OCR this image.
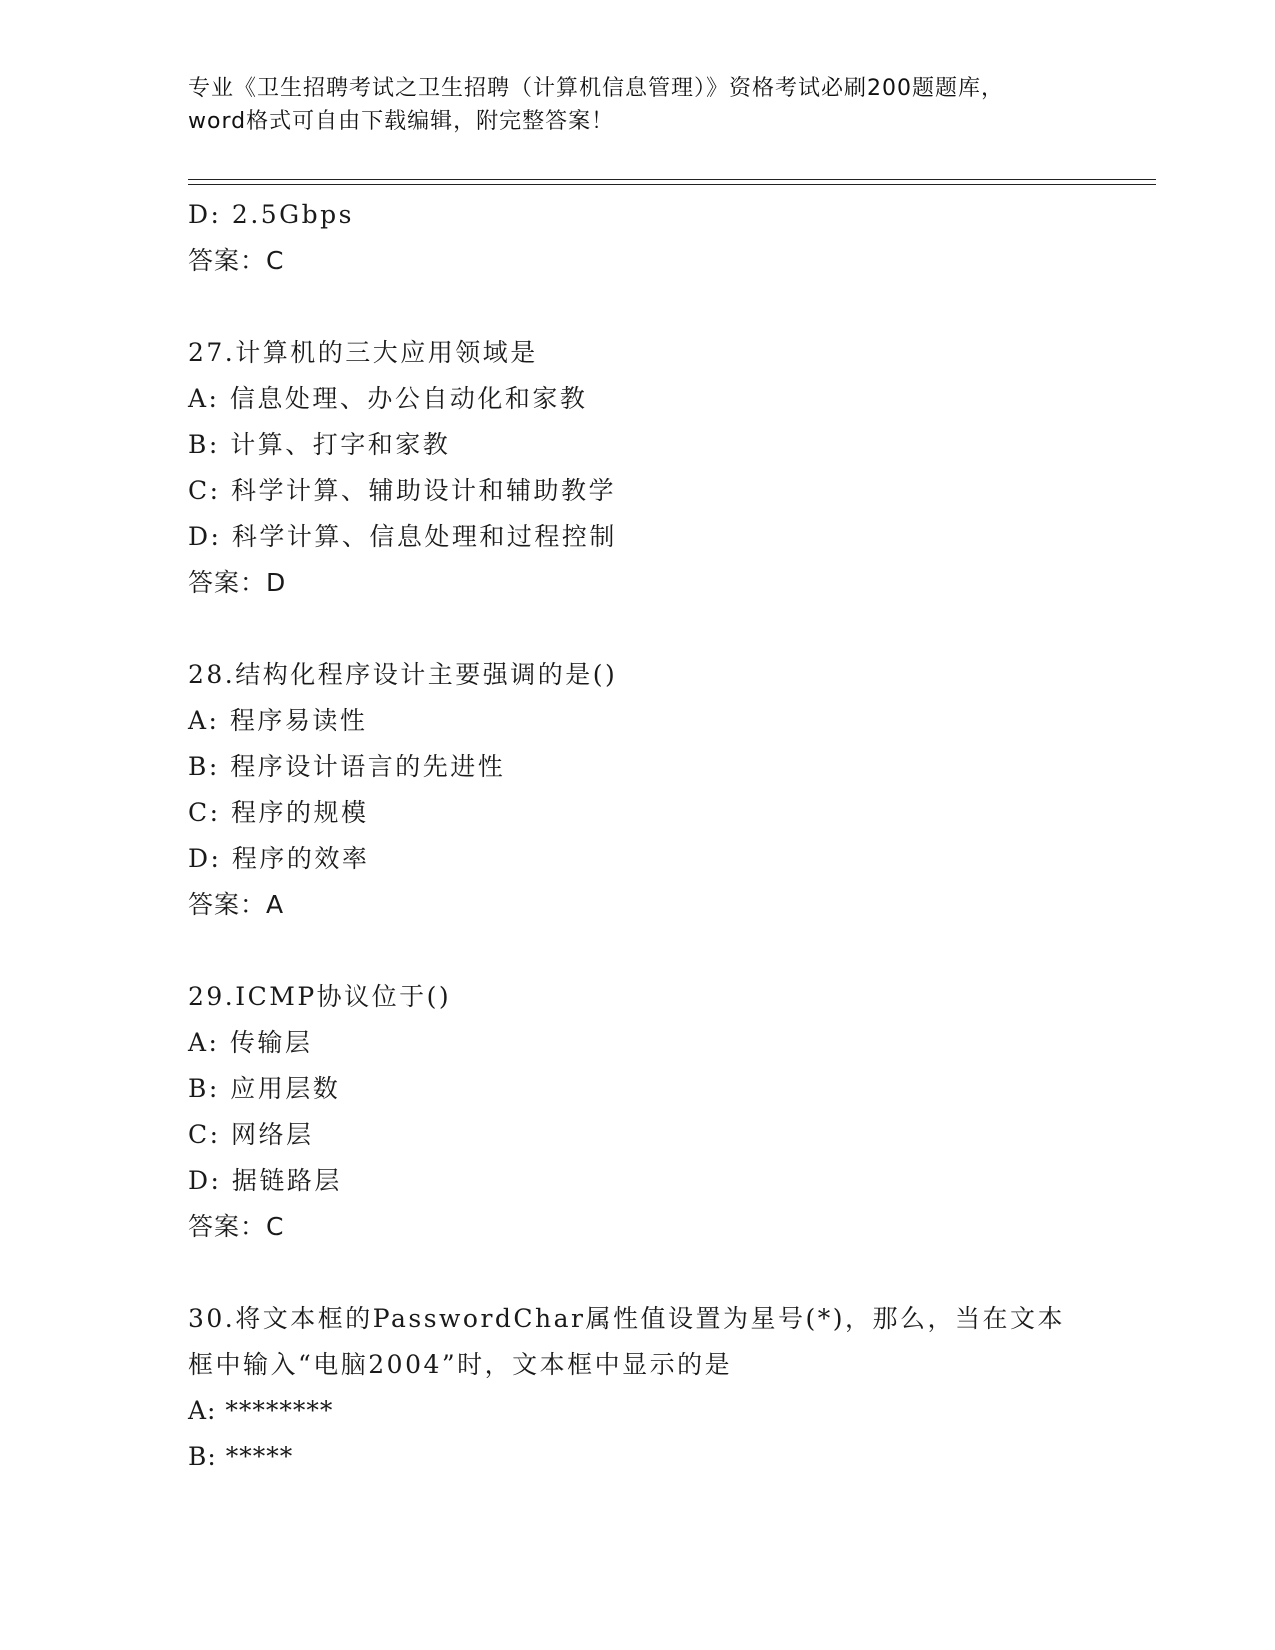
专业《卫生招聘考试之卫生招聘（计算机信息管理）》资格考试必刷200题题库，
word格式可自由下载编辑，附完整答案！
D: 2.5Gbps
答案：C
27.计算机的三大应用领域是
A: 信息处理、办公自动化和家教
B: 计算、打字和家教
C: 科学计算、辅助设计和辅助教学
D: 科学计算、信息处理和过程控制
答案：D
28.结构化程序设计主要强调的是()
A: 程序易读性
B: 程序设计语言的先进性
C: 程序的规模
D: 程序的效率
答案：A
29.ICMP协议位于()
A: 传输层
B: 应用层数
C: 网络层
D: 据链路层
答案：C
30.将文本框的PasswordChar属性值设置为星号(*)，那么，当在文本
框中输入“电脑2004”时，文本框中显示的是
A: ********
B: *****
